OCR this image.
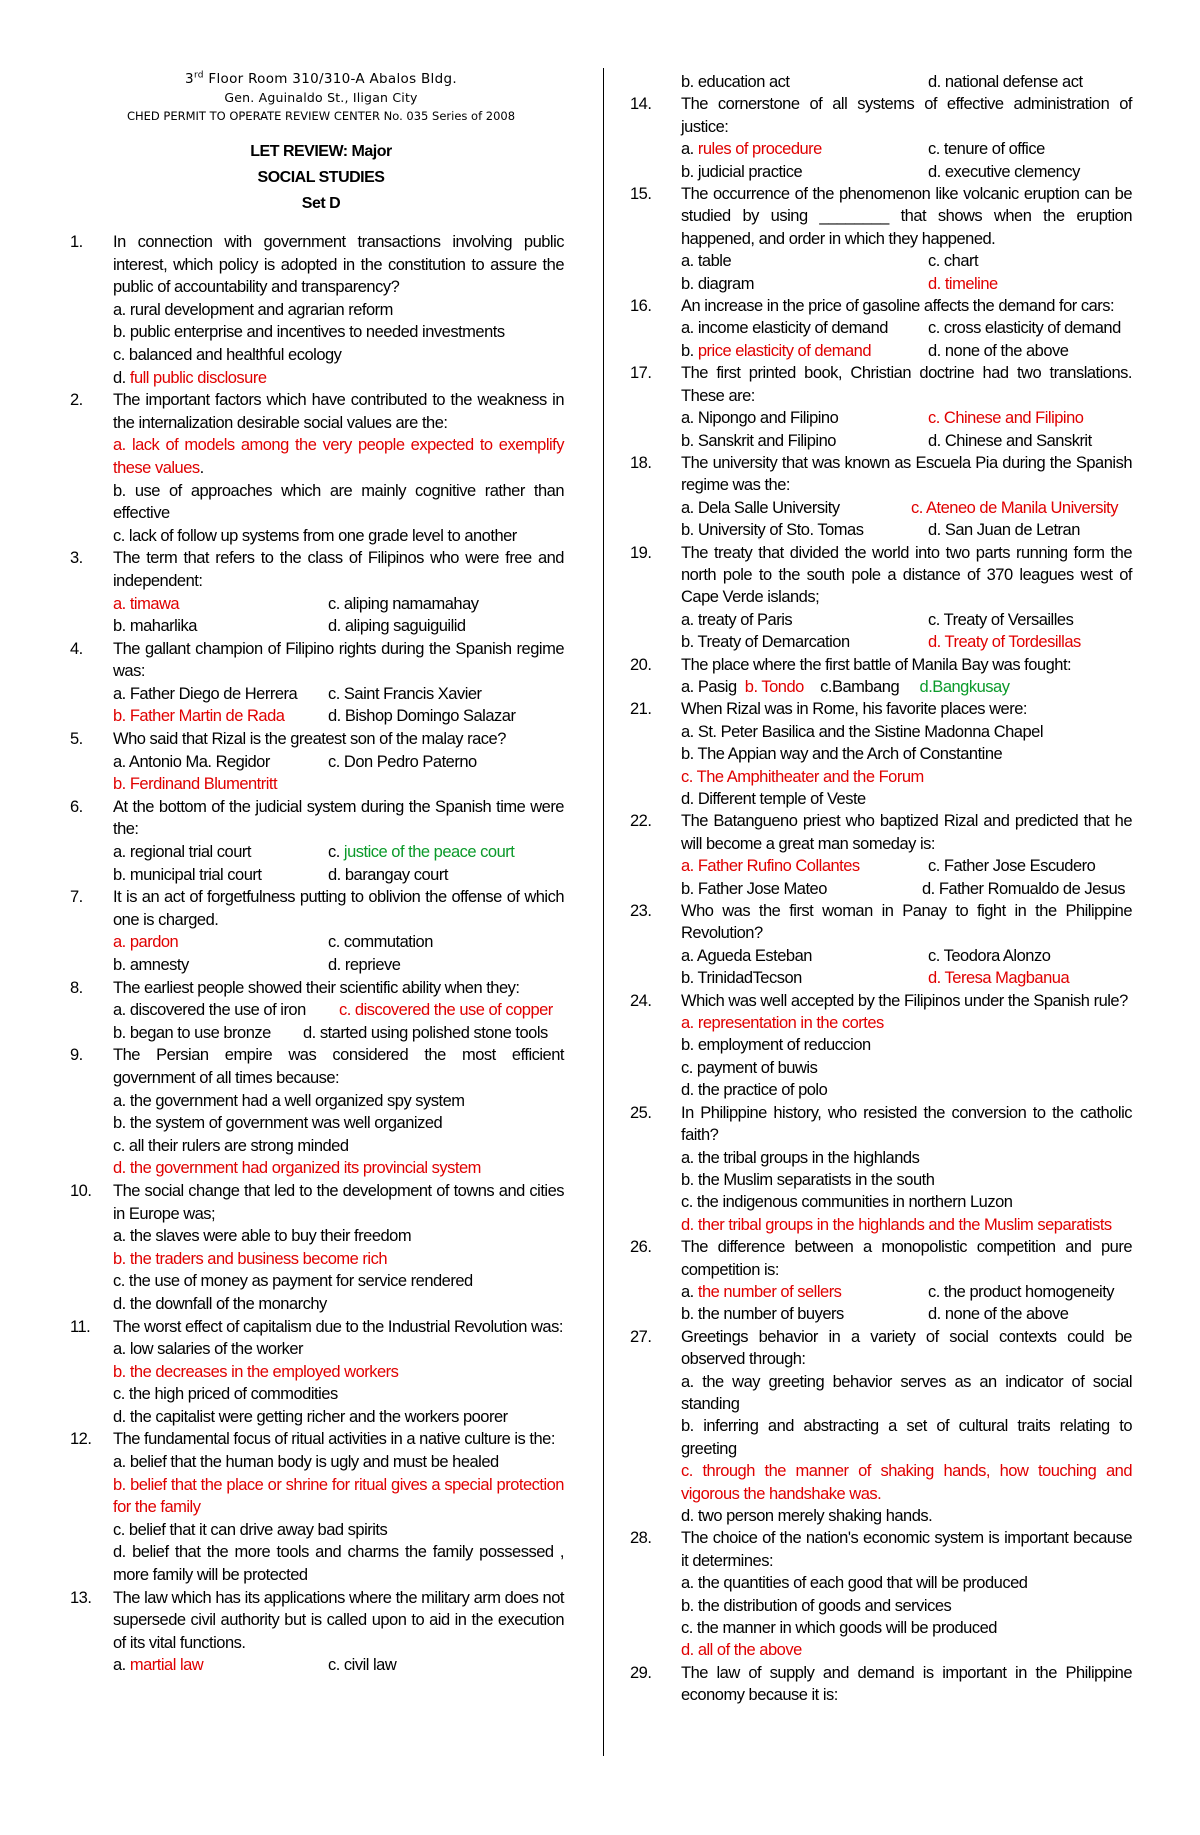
3rd Floor Room 310/310-A Abalos Bldg.
Gen. Aguinaldo St., Iligan City
CHED PERMIT TO OPERATE REVIEW CENTER No. 035 Series of 2008
LET REVIEW: Major
SOCIAL STUDIES
Set D
1.	In connection with government transactions involving public interest, which policy is adopted in the constitution to assure the public of accountability and transparency?
a. rural development and agrarian reform
b. public enterprise and incentives to needed investments
c. balanced and healthful ecology
d. full public disclosure
2.	The important factors which have contributed to the weakness in the internalization desirable social values are the:
a. lack of models among the very people expected to exemplify these values.
b. use of approaches which are mainly cognitive rather than effective
c. lack of follow up systems from one grade level to another
3.	The term that refers to the class of Filipinos who were free and independent:
a. timawa	c. aliping namamahay
b. maharlika	d. aliping saguiguilid
4.	The gallant champion of Filipino rights during the Spanish regime was:
a. Father Diego de Herrera	c. Saint Francis Xavier
b. Father Martin de Rada	d. Bishop Domingo Salazar
5.	Who said that Rizal is the greatest son of the malay race?
a. Antonio Ma. Regidor	c. Don Pedro Paterno
b. Ferdinand Blumentritt
6.	At the bottom of the judicial system during the Spanish time were the:
a. regional trial court	c. justice of the peace court
b. municipal trial court	d. barangay court
7.	It is an act of forgetfulness putting to oblivion the offense of which one is charged.
a. pardon	c. commutation
b. amnesty	d. reprieve
8.	The earliest people showed their scientific ability when they:
a. discovered the use of iron	c. discovered the use of copper
b. began to use bronze	d. started using polished stone tools
9.	The Persian empire was considered the most efficient government of all times because:
a. the government had a well organized spy system
b. the system of government was well organized
c. all their rulers are strong minded
d. the government had organized its provincial system
10.	The social change that led to the development of towns and cities in Europe was;
a. the slaves were able to buy their freedom
b. the traders and business become rich
c. the use of money as payment for service rendered
d. the downfall of the monarchy
11.	The worst effect of capitalism due to the Industrial Revolution was:
a. low salaries of the worker
b. the decreases in the employed workers
c. the high priced of commodities
d. the capitalist were getting richer and the workers poorer
12.	The fundamental focus of ritual activities in a native culture is the:
a. belief that the human body is ugly and must be healed
b. belief that the place or shrine for ritual gives a special protection for the family
c. belief that it can drive away bad spirits
d. belief that the more tools and charms the family possessed , more family will be protected
13.	The law which has its applications where the military arm does not supersede civil authority but is called upon to aid in the execution of its vital functions.
a. martial law	c. civil law
b. education act	d. national defense act
14.	The cornerstone of all systems of effective administration of justice:
a. rules of procedure	c. tenure of office
b. judicial practice	d. executive clemency
15.	The occurrence of the phenomenon like volcanic eruption can be studied by using ________ that shows when the eruption happened, and order in which they happened.
a. table	c. chart
b. diagram	d. timeline
16.	An increase in the price of gasoline affects the demand for cars:
a. income elasticity of demand	c. cross elasticity of demand
b. price elasticity of demand	d. none of the above
17.	The first printed book, Christian doctrine had two translations. These are:
a. Nipongo and Filipino	c. Chinese and Filipino
b. Sanskrit and Filipino	d. Chinese and Sanskrit
18.	The university that was known as Escuela Pia during the Spanish regime was the:
a. Dela Salle University	c. Ateneo de Manila University
b. University of Sto. Tomas	d. San Juan de Letran
19.	The treaty that divided the world into two parts running form the north pole to the south pole a distance of 370 leagues west of Cape Verde islands;
a. treaty of Paris	c. Treaty of Versailles
b. Treaty of Demarcation	d. Treaty of Tordesillas
20.	The place where the first battle of Manila Bay was fought:
a. Pasig b. Tondo c.Bambang d.Bangkusay
21.	When Rizal was in Rome, his favorite places were:
a. St. Peter Basilica and the Sistine Madonna Chapel
b. The Appian way and the Arch of Constantine
c. The Amphitheater and the Forum
d. Different temple of Veste
22.	The Batangueno priest who baptized Rizal and predicted that he will become a great man someday is:
a. Father Rufino Collantes	c. Father Jose Escudero
b. Father Jose Mateo	d. Father Romualdo de Jesus
23.	Who was the first woman in Panay to fight in the Philippine Revolution?
a. Agueda Esteban	c. Teodora Alonzo
b. TrinidadTecson	d. Teresa Magbanua
24.	Which was well accepted by the Filipinos under the Spanish rule?
a. representation in the cortes
b. employment of reduccion
c. payment of buwis
d. the practice of polo
25.	In Philippine history, who resisted the conversion to the catholic faith?
a. the tribal groups in the highlands
b. the Muslim separatists in the south
c. the indigenous communities in northern Luzon
d. ther tribal groups in the highlands and the Muslim separatists
26.	The difference between a monopolistic competition and pure competition is:
a. the number of sellers	c. the product homogeneity
b. the number of buyers	d. none of the above
27.	Greetings behavior in a variety of social contexts could be observed through:
a. the way greeting behavior serves as an indicator of social standing
b. inferring and abstracting a set of cultural traits relating to greeting
c. through the manner of shaking hands, how touching and vigorous the handshake was.
d. two person merely shaking hands.
28.	The choice of the nation's economic system is important because it determines:
a. the quantities of each good that will be produced
b. the distribution of goods and services
c. the manner in which goods will be produced
d. all of the above
29.	The law of supply and demand is important in the Philippine economy because it is:
